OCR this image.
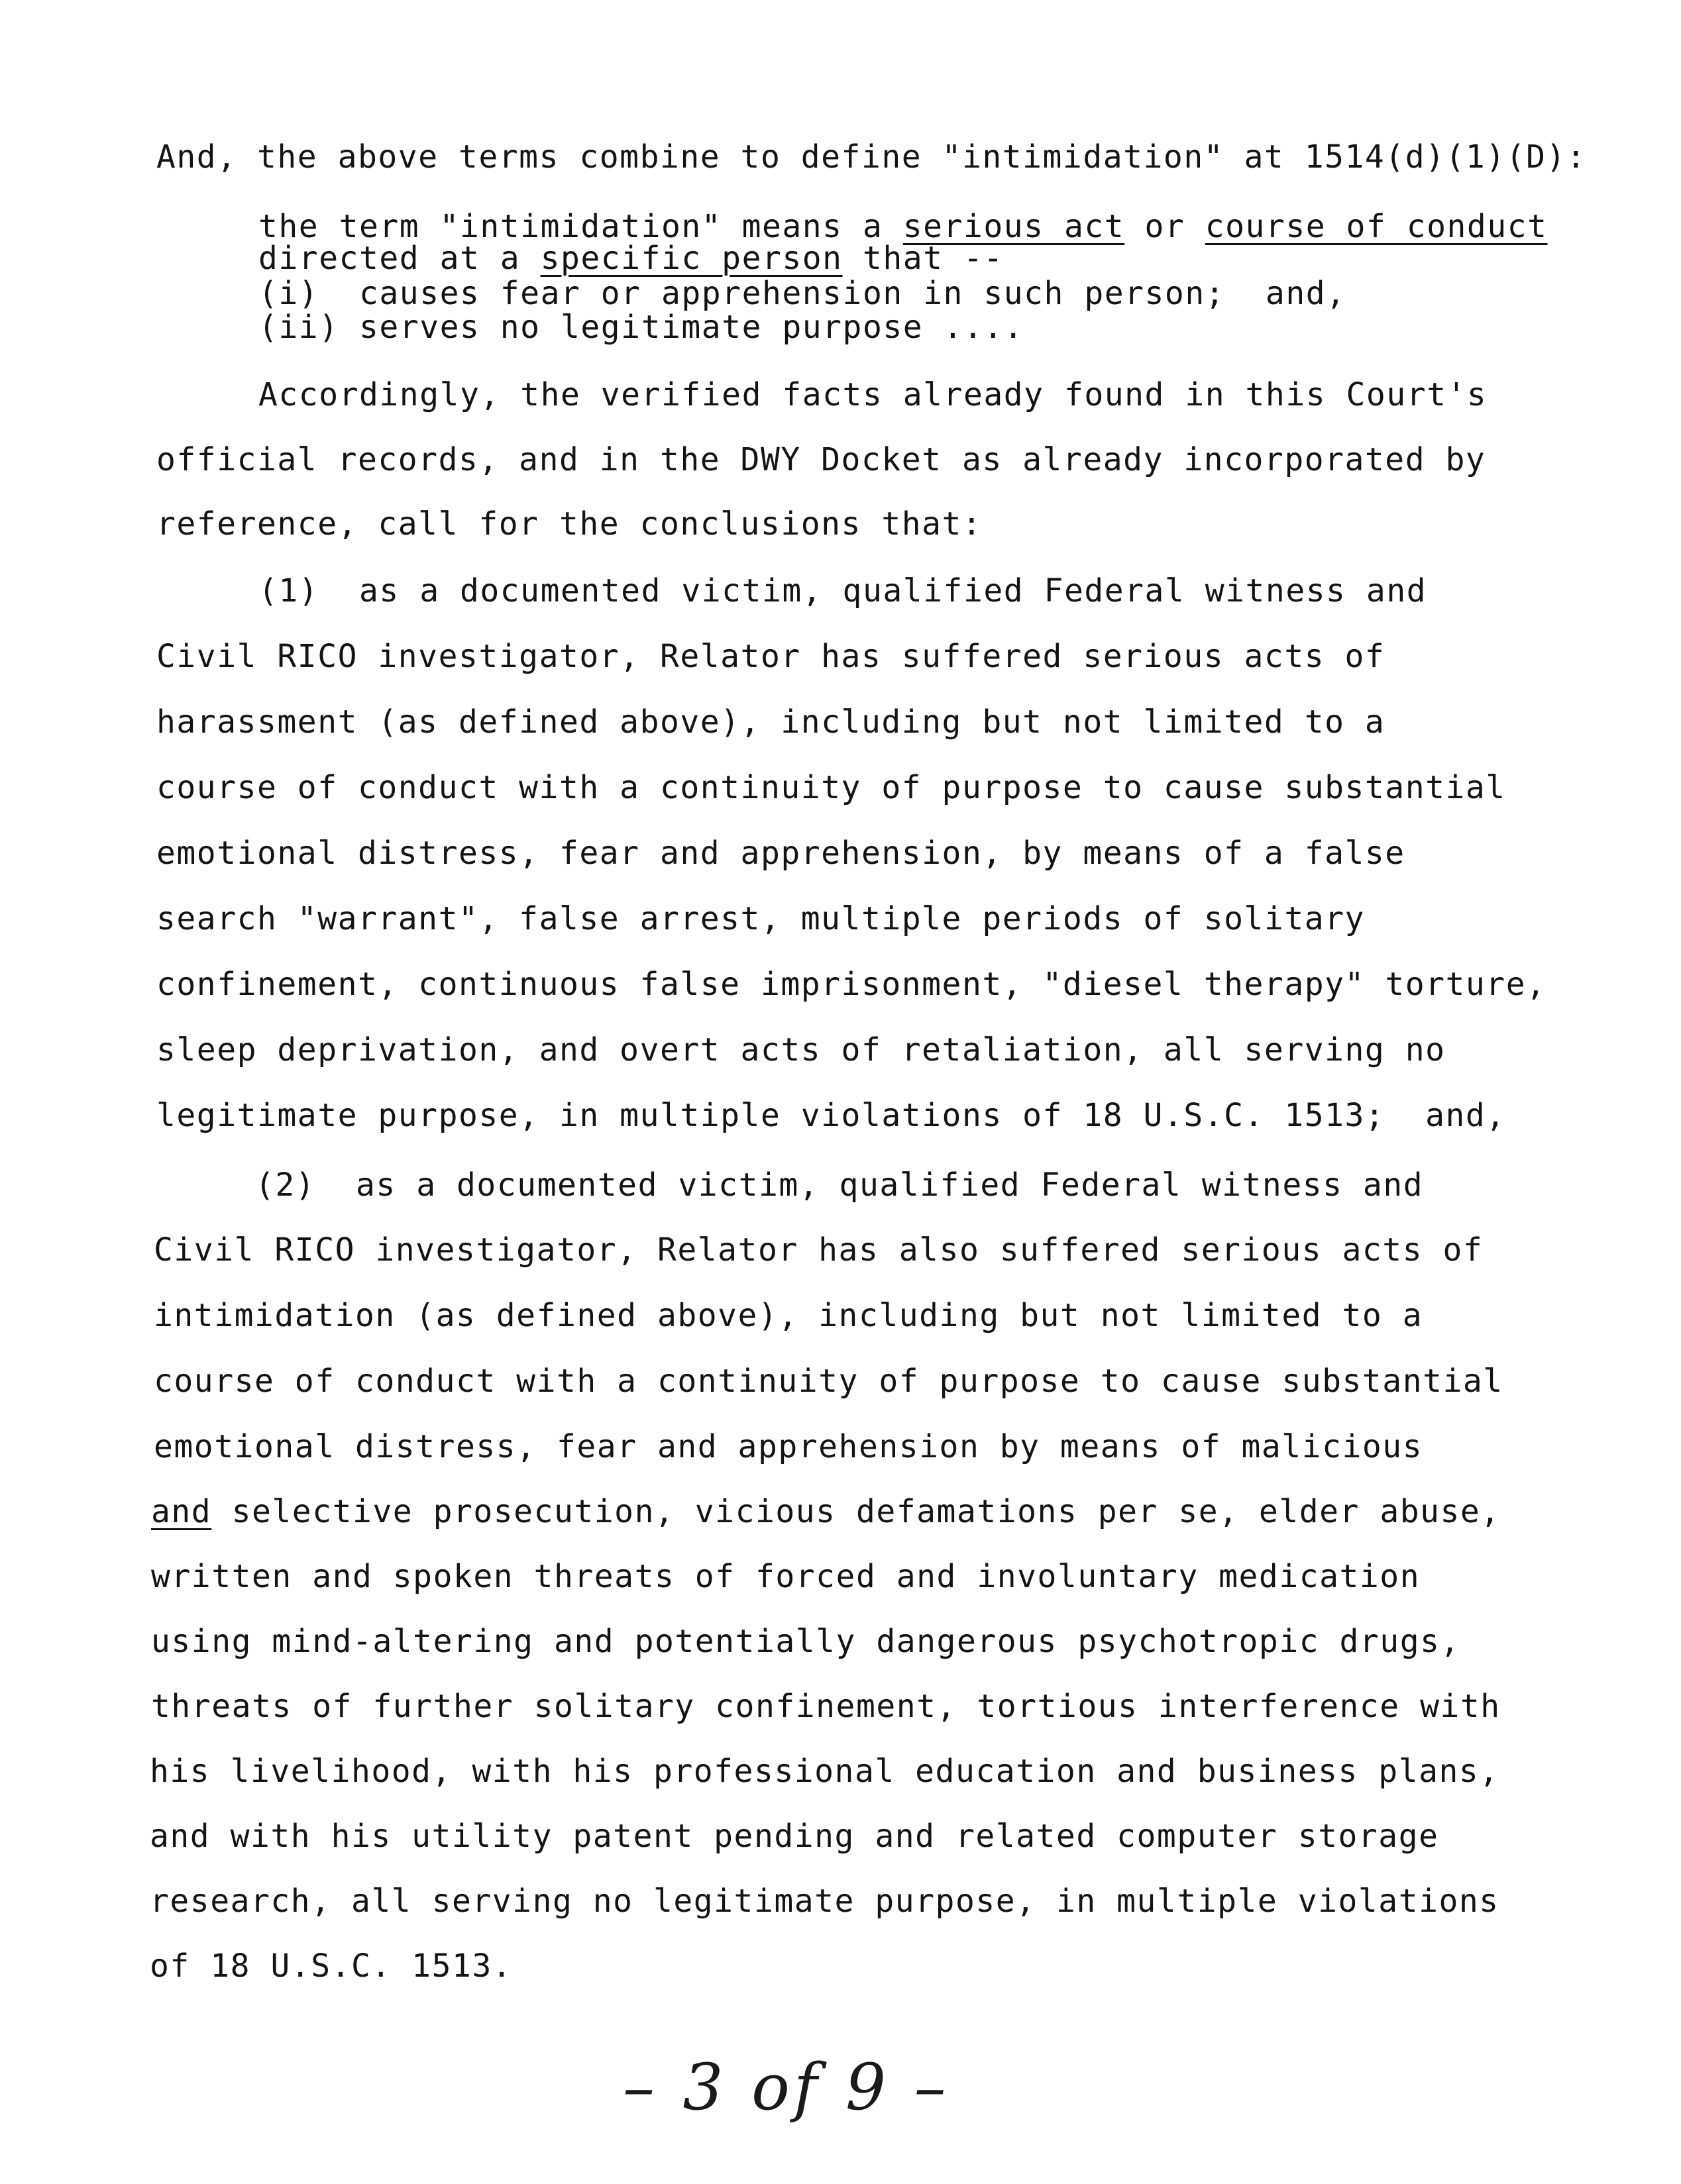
And, the above terms combine to define "intimidation" at 1514(d)(1)(D):
the term "intimidation" means a serious act or course of conduct
directed at a specific person that --
(i)  causes fear or apprehension in such person;  and,
(ii) serves no legitimate purpose ....
Accordingly, the verified facts already found in this Court's
official records, and in the DWY Docket as already incorporated by
reference, call for the conclusions that:
(1)  as a documented victim, qualified Federal witness and
Civil RICO investigator, Relator has suffered serious acts of
harassment (as defined above), including but not limited to a
course of conduct with a continuity of purpose to cause substantial
emotional distress, fear and apprehension, by means of a false
search "warrant", false arrest, multiple periods of solitary
confinement, continuous false imprisonment, "diesel therapy" torture,
sleep deprivation, and overt acts of retaliation, all serving no
legitimate purpose, in multiple violations of 18 U.S.C. 1513;  and,
(2)  as a documented victim, qualified Federal witness and
Civil RICO investigator, Relator has also suffered serious acts of
intimidation (as defined above), including but not limited to a
course of conduct with a continuity of purpose to cause substantial
emotional distress, fear and apprehension by means of malicious
and selective prosecution, vicious defamations per se, elder abuse,
written and spoken threats of forced and involuntary medication
using mind-altering and potentially dangerous psychotropic drugs,
threats of further solitary confinement, tortious interference with
his livelihood, with his professional education and business plans,
and with his utility patent pending and related computer storage
research, all serving no legitimate purpose, in multiple violations
of 18 U.S.C. 1513.
– 3 of 9 –
